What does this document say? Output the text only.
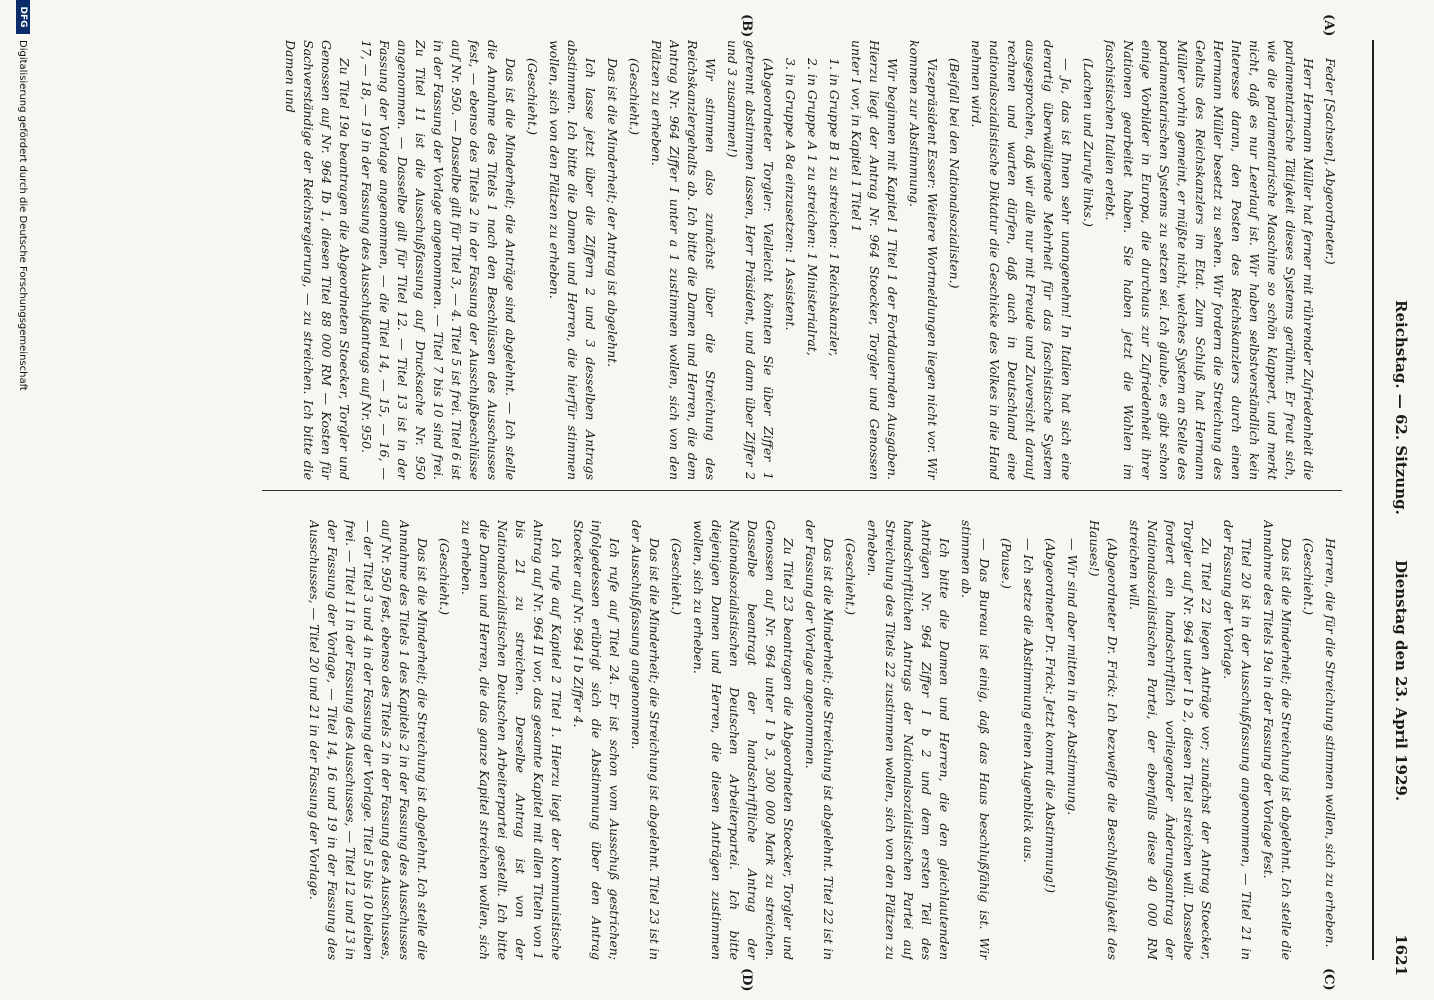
Reichstag. — 62. Sitzung.
Dienstag den 23. April 1929.
1621
(A)
(B)
(C)
(D)

Feder [Sachsen], Abgeordneter.)

Herr Hermann Müller hat ferner mit rührender Zufriedenheit die parlamentarische Tätigkeit dieses Systems gerühmt. Er freut sich, wie die parlamentarische Maschine so schön klappert, und merkt nicht, daß es nur Leerlauf ist. Wir haben selbstverständlich kein Interesse daran, den Posten des Reichskanzlers durch einen Hermann Müller besetzt zu sehen. Wir fordern die Streichung des Gehalts des Reichskanzlers im Etat. Zum Schluß hat Hermann Müller vorhin gemeint, er müßte nicht, welches System an Stelle des parlamentarischen Systems zu setzen sei. Ich glaube, es gibt schon einige Vorbilder in Europa, die durchaus zur Zufriedenheit ihrer Nationen gearbeitet haben. Sie haben jetzt die Wahlen im faschistischen Italien erlebt.

(Lachen und Zurufe links.)

— Ja, das ist Ihnen sehr unangenehm! In Italien hat sich eine derartig überwältigende Mehrheit für das faschistische System ausgesprochen, daß wir alle nur mit Freude und Zuversicht darauf rechnen und warten dürfen, daß auch in Deutschland eine nationalsozialistische Diktatur die Geschicke des Volkes in die Hand nehmen wird.

(Beifall bei den Nationalsozialisten.)

Vizepräsident Esser: Weitere Wortmeldungen liegen nicht vor. Wir kommen zur Abstimmung.

Wir beginnen mit Kapitel 1 Titel 1 der Fortdauernden Ausgaben. Hierzu liegt der Antrag Nr. 964 Stoecker, Torgler und Genossen unter I vor, in Kapitel 1 Titel 1

1. in Gruppe B 1 zu streichen: 1 Reichskanzler,

2. in Gruppe A 1 zu streichen: 1 Ministerialrat,

3. in Gruppe A 8a einzusetzen: 1 Assistent.

(Abgeordneter Torgler: Vielleicht könnten Sie über Ziffer 1 getrennt abstimmen lassen, Herr Präsident, und dann über Ziffer 2 und 3 zusammen!)

Wir stimmen also zunächst über die Streichung des Reichskanzlergehalts ab. Ich bitte die Damen und Herren, die dem Antrag Nr. 964 Ziffer I unter a 1 zustimmen wollen, sich von den Plätzen zu erheben.

(Geschieht.)

Das ist die Minderheit; der Antrag ist abgelehnt.

Ich lasse jetzt über die Ziffern 2 und 3 desselben Antrags abstimmen. Ich bitte die Damen und Herren, die hierfür stimmen wollen, sich von den Plätzen zu erheben.

(Geschieht.)

Das ist die Minderheit; die Anträge sind abgelehnt. — Ich stelle die Annahme des Titels 1 nach den Beschlüssen des Ausschusses fest, — ebenso des Titels 2 in der Fassung der Ausschußbeschlüsse auf Nr. 950. — Dasselbe gilt für Titel 3, — 4. Titel 5 ist frei. Titel 6 ist in der Fassung der Vorlage angenommen. — Titel 7 bis 10 sind frei. Zu Titel 11 ist die Ausschußfassung auf Drucksache Nr. 950 angenommen. — Dasselbe gilt für Titel 12. — Titel 13 ist in der Fassung der Vorlage angenommen, — die Titel 14, — 15, — 16, — 17, — 18, — 19 in der Fassung des Ausschußantrags auf Nr. 950.

Zu Titel 19a beantragen die Abgeordneten Stoecker, Torgler und Genossen auf Nr. 964 Ib 1, diesen Titel 88 000 RM — Kosten für Sachverständige der Reichsregierung, — zu streichen. Ich bitte die Damen und

Herren, die für die Streichung stimmen wollen, sich zu erheben.

(Geschieht.)

Das ist die Minderheit; die Streichung ist abgelehnt. Ich stelle die Annahme des Titels 19a in der Fassung der Vorlage fest.

Titel 20 ist in der Ausschußfassung angenommen, — Titel 21 in der Fassung der Vorlage.

Zu Titel 22 liegen Anträge vor; zunächst der Antrag Stoecker, Torgler auf Nr. 964 unter I b 2, diesen Titel streichen will. Dasselbe fordert ein handschriftlich vorliegender Änderungsantrag der Nationalsozialistischen Partei, der ebenfalls diese 40 000 RM streichen will.

(Abgeordneter Dr. Frick: Ich bezweifle die Beschlußfähigkeit des Hauses!)

— Wir sind aber mitten in der Abstimmung.

(Abgeordneter Dr. Frick: Jetzt kommt die Abstimmung!)

— Ich setze die Abstimmung einen Augenblick aus.

(Pause.)

— Das Bureau ist einig, daß das Haus beschlußfähig ist. Wir stimmen ab.

Ich bitte die Damen und Herren, die den gleichlautenden Anträgen Nr. 964 Ziffer I b 2 und dem ersten Teil des handschriftlichen Antrags der Nationalsozialistischen Partei auf Streichung des Titels 22 zustimmen wollen, sich von den Plätzen zu erheben.

(Geschieht.)

Das ist die Minderheit; die Streichung ist abgelehnt. Titel 22 ist in der Fassung der Vorlage angenommen.

Zu Titel 23 beantragen die Abgeordneten Stoecker, Torgler und Genossen auf Nr. 964 unter I b 3, 300 000 Mark zu streichen. Dasselbe beantragt der handschriftliche Antrag der Nationalsozialistischen Deutschen Arbeiterpartei. Ich bitte diejenigen Damen und Herren, die diesen Anträgen zustimmen wollen, sich zu erheben.

(Geschieht.)

Das ist die Minderheit; die Streichung ist abgelehnt. Titel 23 ist in der Ausschußfassung angenommen.

Ich rufe auf Titel 24. Er ist schon vom Ausschuß gestrichen; infolgedessen erübrigt sich die Abstimmung über den Antrag Stoecker auf Nr. 964 I b Ziffer 4.

Ich rufe auf Kapitel 2 Titel 1. Hierzu liegt der kommunistische Antrag auf Nr. 964 II vor, das gesamte Kapitel mit allen Titeln von 1 bis 21 zu streichen. Derselbe Antrag ist von der Nationalsozialistischen Deutschen Arbeiterpartei gestellt. Ich bitte die Damen und Herren, die das ganze Kapitel streichen wollen, sich zu erheben.

(Geschieht.)

Das ist die Minderheit; die Streichung ist abgelehnt. Ich stelle die Annahme des Titels 1 des Kapitels 2 in der Fassung des Ausschusses auf Nr. 950 fest, ebenso des Titels 2 in der Fassung des Ausschusses, — der Titel 3 und 4 in der Fassung der Vorlage. Titel 5 bis 10 bleiben frei. — Titel 11 in der Fassung des Ausschusses, — Titel 12 und 13 in der Fassung der Vorlage, — Titel 14, 16 und 19 in der Fassung des Ausschusses, — Titel 20 und 21 in der Fassung der Vorlage.

DFG
Digitalisierung gefördert durch die Deutsche Forschungsgemeinschaft
